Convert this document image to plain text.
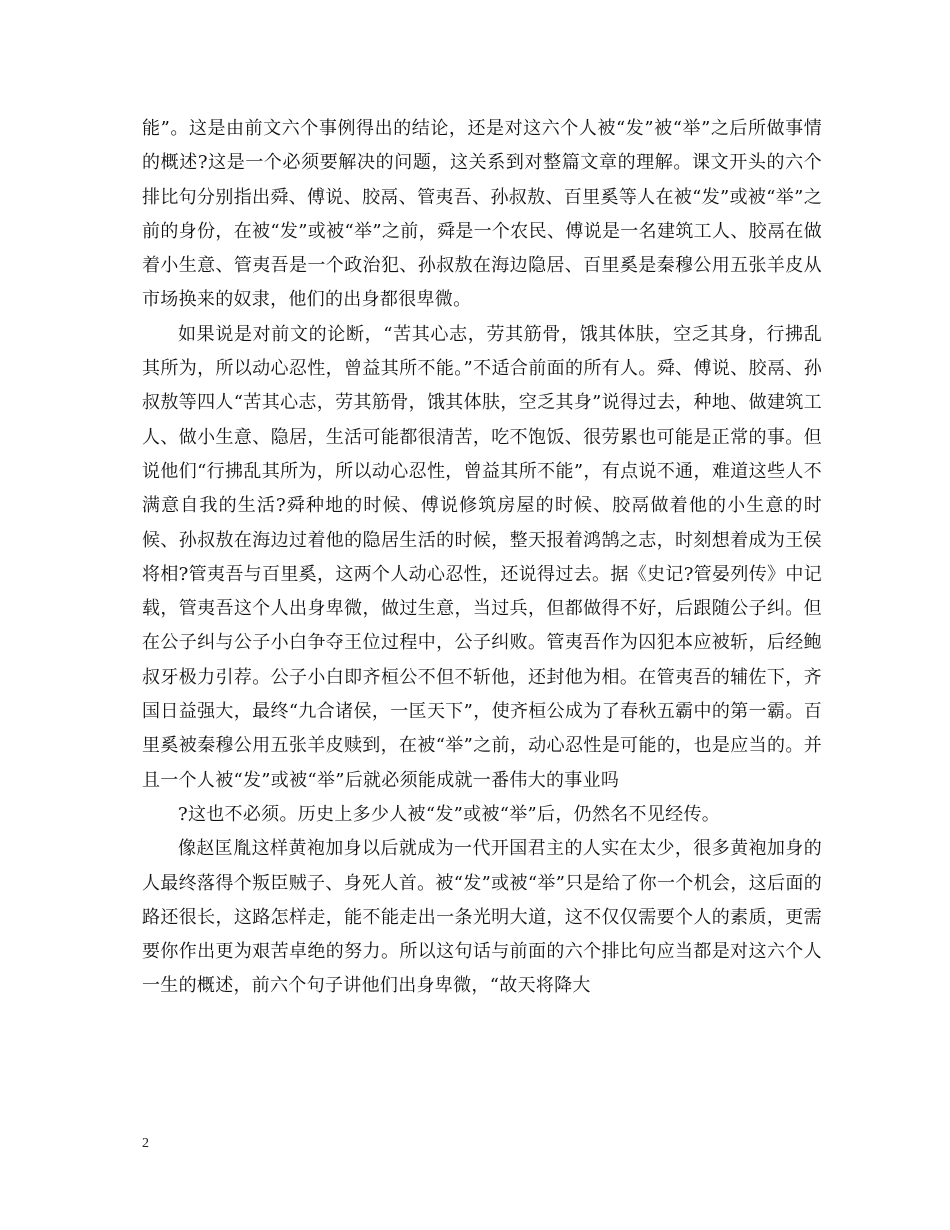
能”。这是由前文六个事例得出的结论，还是对这六个人被“发”被“举”之后所做事情的概述?这是一个必须要解决的问题，这关系到对整篇文章的理解。课文开头的六个排比句分别指出舜、傅说、胶鬲、管夷吾、孙叔敖、百里奚等人在被“发”或被“举”之前的身份，在被“发”或被“举”之前，舜是一个农民、傅说是一名建筑工人、胶鬲在做着小生意、管夷吾是一个政治犯、孙叔敖在海边隐居、百里奚是秦穆公用五张羊皮从市场换来的奴隶，他们的出身都很卑微。

如果说是对前文的论断，“苦其心志，劳其筋骨，饿其体肤，空乏其身，行拂乱其所为，所以动心忍性，曾益其所不能。”不适合前面的所有人。舜、傅说、胶鬲、孙叔敖等四人“苦其心志，劳其筋骨，饿其体肤，空乏其身”说得过去，种地、做建筑工人、做小生意、隐居，生活可能都很清苦，吃不饱饭、很劳累也可能是正常的事。但说他们“行拂乱其所为，所以动心忍性，曾益其所不能”，有点说不通，难道这些人不满意自我的生活?舜种地的时候、傅说修筑房屋的时候、胶鬲做着他的小生意的时候、孙叔敖在海边过着他的隐居生活的时候，整天报着鸿鹄之志，时刻想着成为王侯将相?管夷吾与百里奚，这两个人动心忍性，还说得过去。据《史记?管晏列传》中记载，管夷吾这个人出身卑微，做过生意，当过兵，但都做得不好，后跟随公子纠。但在公子纠与公子小白争夺王位过程中，公子纠败。管夷吾作为囚犯本应被斩，后经鲍叔牙极力引荐。公子小白即齐桓公不但不斩他，还封他为相。在管夷吾的辅佐下，齐国日益强大，最终“九合诸侯，一匡天下”，使齐桓公成为了春秋五霸中的第一霸。百里奚被秦穆公用五张羊皮赎到，在被“举”之前，动心忍性是可能的，也是应当的。并且一个人被“发”或被“举”后就必须能成就一番伟大的事业吗

?这也不必须。历史上多少人被“发”或被“举”后，仍然名不见经传。

像赵匡胤这样黄袍加身以后就成为一代开国君主的人实在太少，很多黄袍加身的人最终落得个叛臣贼子、身死人首。被“发”或被“举”只是给了你一个机会，这后面的路还很长，这路怎样走，能不能走出一条光明大道，这不仅仅需要个人的素质，更需要你作出更为艰苦卓绝的努力。所以这句话与前面的六个排比句应当都是对这六个人一生的概述，前六个句子讲他们出身卑微，“故天将降大

2
